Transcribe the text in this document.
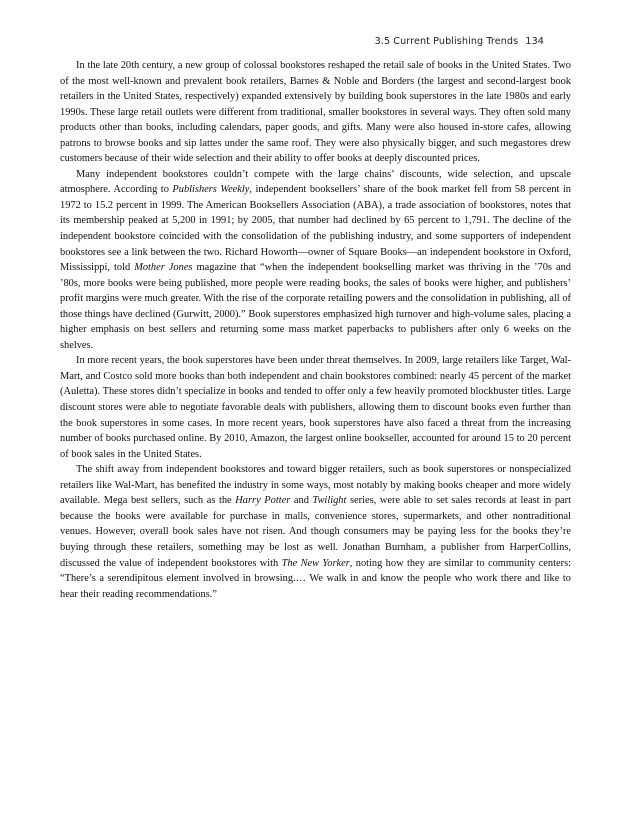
3.5 Current Publishing Trends 134

In the late 20th century, a new group of colossal bookstores reshaped the retail sale of books in the United States. Two of the most well-known and prevalent book retailers, Barnes & Noble and Borders (the largest and second-largest book retailers in the United States, respectively) expanded extensively by building book superstores in the late 1980s and early 1990s. These large retail outlets were different from traditional, smaller bookstores in several ways. They often sold many products other than books, including calendars, paper goods, and gifts. Many were also housed in-store cafes, allowing patrons to browse books and sip lattes under the same roof. They were also physically bigger, and such megastores drew customers because of their wide selection and their ability to offer books at deeply discounted prices.

Many independent bookstores couldn’t compete with the large chains’ discounts, wide selection, and upscale atmosphere. According to Publishers Weekly, independent booksellers’ share of the book market fell from 58 percent in 1972 to 15.2 percent in 1999. The American Booksellers Association (ABA), a trade association of bookstores, notes that its membership peaked at 5,200 in 1991; by 2005, that number had declined by 65 percent to 1,791. The decline of the independent bookstore coincided with the consolidation of the publishing industry, and some supporters of independent bookstores see a link between the two. Richard Howorth—owner of Square Books—an independent bookstore in Oxford, Mississippi, told Mother Jones magazine that “when the independent bookselling market was thriving in the ’70s and ’80s, more books were being published, more people were reading books, the sales of books were higher, and publishers’ profit margins were much greater. With the rise of the corporate retailing powers and the consolidation in publishing, all of those things have declined (Gurwitt, 2000).” Book superstores emphasized high turnover and high-volume sales, placing a higher emphasis on best sellers and returning some mass market paperbacks to publishers after only 6 weeks on the shelves.

In more recent years, the book superstores have been under threat themselves. In 2009, large retailers like Target, Wal-Mart, and Costco sold more books than both independent and chain bookstores combined: nearly 45 percent of the market (Auletta). These stores didn’t specialize in books and tended to offer only a few heavily promoted blockbuster titles. Large discount stores were able to negotiate favorable deals with publishers, allowing them to discount books even further than the book superstores in some cases. In more recent years, book superstores have also faced a threat from the increasing number of books purchased online. By 2010, Amazon, the largest online bookseller, accounted for around 15 to 20 percent of book sales in the United States.

The shift away from independent bookstores and toward bigger retailers, such as book superstores or nonspecialized retailers like Wal-Mart, has benefited the industry in some ways, most notably by making books cheaper and more widely available. Mega best sellers, such as the Harry Potter and Twilight series, were able to set sales records at least in part because the books were available for purchase in malls, convenience stores, supermarkets, and other nontraditional venues. However, overall book sales have not risen. And though consumers may be paying less for the books they’re buying through these retailers, something may be lost as well. Jonathan Burnham, a publisher from HarperCollins, discussed the value of independent bookstores with The New Yorker, noting how they are similar to community centers: “There’s a serendipitous element involved in browsing.… We walk in and know the people who work there and like to hear their reading recommendations.”
